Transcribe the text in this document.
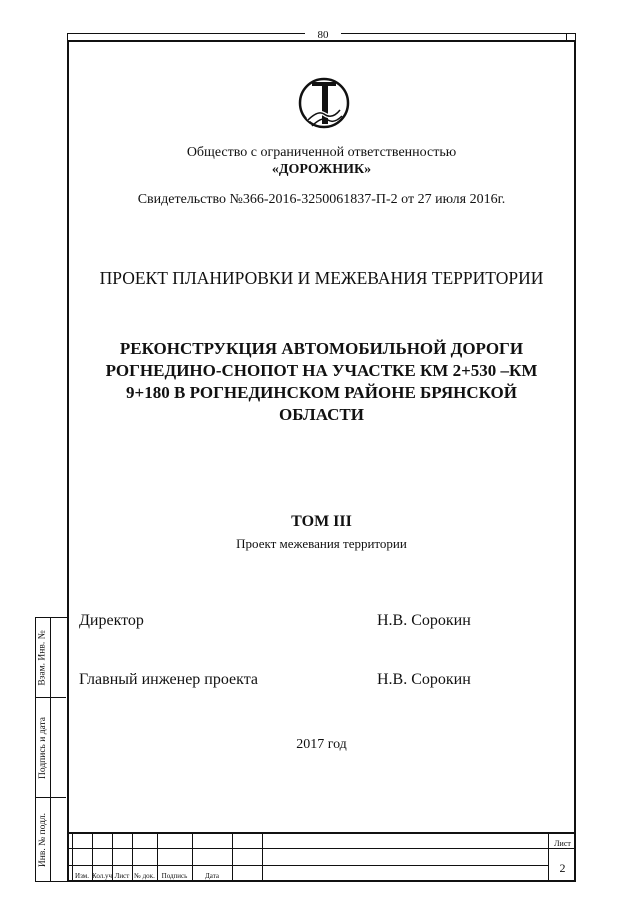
80
Взам. Инв. №
Подпись и дата
Инв. № подл.
Общество с ограниченной ответственностью
«ДОРОЖНИК»
Свидетельство №366-2016-3250061837-П-2 от 27 июля 2016г.
ПРОЕКТ ПЛАНИРОВКИ И МЕЖЕВАНИЯ ТЕРРИТОРИИ
РЕКОНСТРУКЦИЯ АВТОМОБИЛЬНОЙ ДОРОГИ
РОГНЕДИНО-СНОПОТ НА УЧАСТКЕ КМ 2+530 –КМ
9+180 В РОГНЕДИНСКОМ РАЙОНЕ БРЯНСКОЙ
ОБЛАСТИ
ТОМ III
Проект межевания территории
Директор	Н.В. Сорокин
Главный инженер проекта	Н.В. Сорокин
2017 год
Изм. Кол.уч Лист № док. Подпись	Дата
Лист
2
